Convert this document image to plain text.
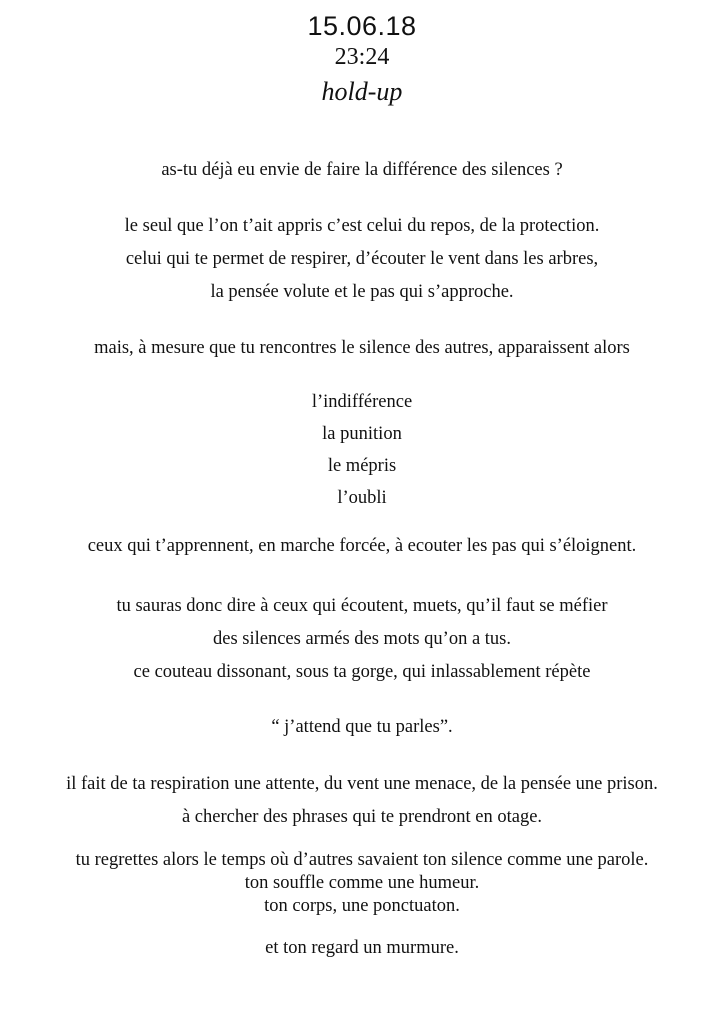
15.06.18
23:24
hold-up
as-tu déjà eu envie de faire la différence des silences ?
le seul que l’on t’ait appris c’est celui du repos, de la protection.
celui qui te permet de respirer, d’écouter le vent dans les arbres,
la pensée volute et le pas qui s’approche.
mais, à mesure que tu rencontres le silence des autres, apparaissent alors
l’indifférence
la punition
le mépris
l’oubli
ceux qui t’apprennent, en marche forcée, à ecouter les pas qui s’éloignent.
tu sauras donc dire à ceux qui écoutent, muets, qu’il faut se méfier
des silences armés des mots qu’on a tus.
ce couteau dissonant, sous ta gorge, qui inlassablement répète
“ j’attend que tu parles”.
il fait de ta respiration une attente, du vent une menace, de la pensée une prison.
à chercher des phrases qui te prendront en otage.
tu regrettes alors le temps où d’autres savaient ton silence comme une parole.
ton souffle comme une humeur.
ton corps, une ponctuaton.
et ton regard un murmure.
